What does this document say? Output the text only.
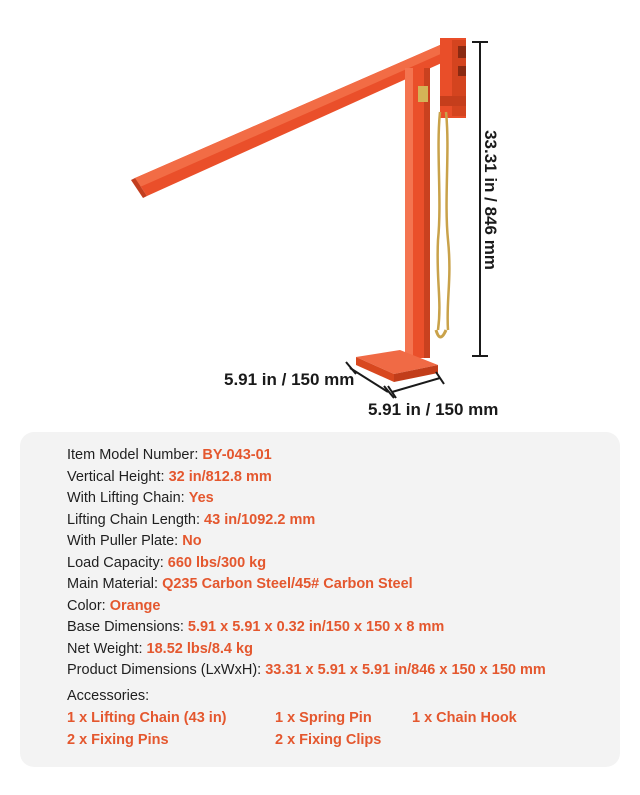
33.31 in / 846 mm
5.91 in / 150 mm
5.91 in / 150 mm
Item Model Number: BY-043-01
Vertical Height: 32 in/812.8 mm
With Lifting Chain: Yes
Lifting Chain Length: 43 in/1092.2 mm
With Puller Plate: No
Load Capacity: 660 lbs/300 kg
Main Material: Q235 Carbon Steel/45# Carbon Steel
Color: Orange
Base Dimensions: 5.91 x 5.91 x 0.32 in/150 x 150 x 8 mm
Net Weight: 18.52 lbs/8.4 kg
Product Dimensions (LxWxH): 33.31 x 5.91 x 5.91 in/846 x 150 x 150 mm
Accessories:
1 x Lifting Chain (43 in)	1 x Spring Pin	1 x Chain Hook
2 x Fixing Pins	2 x Fixing Clips
